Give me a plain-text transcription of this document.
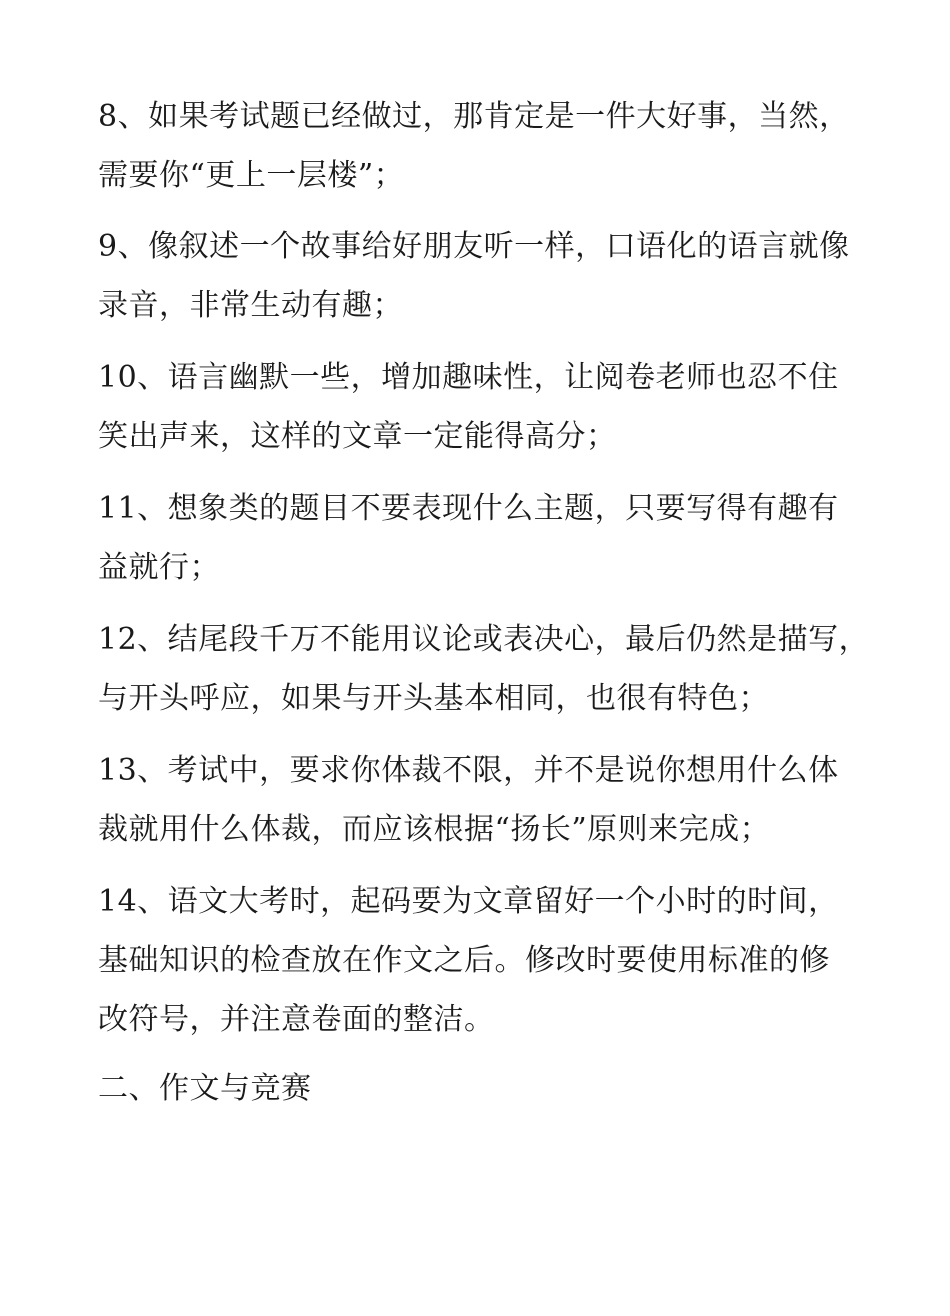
8、如果考试题已经做过，那肯定是一件大好事，当然，
需要你“更上一层楼”；

9、像叙述一个故事给好朋友听一样，口语化的语言就像
录音，非常生动有趣；

10、语言幽默一些，增加趣味性，让阅卷老师也忍不住
笑出声来，这样的文章一定能得高分；

11、想象类的题目不要表现什么主题，只要写得有趣有
益就行；

12、结尾段千万不能用议论或表决心，最后仍然是描写，
与开头呼应，如果与开头基本相同，也很有特色；

13、考试中，要求你体裁不限，并不是说你想用什么体
裁就用什么体裁，而应该根据“扬长”原则来完成；

14、语文大考时，起码要为文章留好一个小时的时间，
基础知识的检查放在作文之后。修改时要使用标准的修
改符号，并注意卷面的整洁。

二、作文与竞赛
